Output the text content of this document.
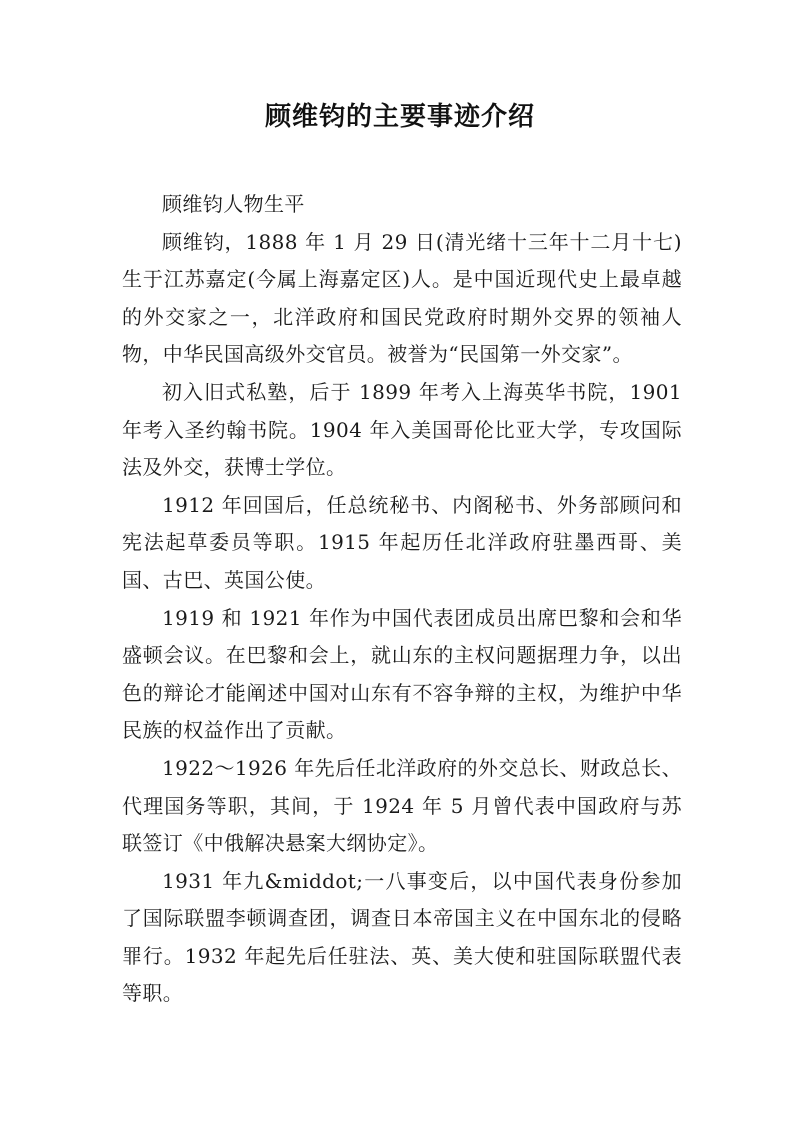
顾维钧的主要事迹介绍

顾维钧人物生平

顾维钧，1888 年 1 月 29 日(清光绪十三年十二月十七)生于江苏嘉定(今属上海嘉定区)人。是中国近现代史上最卓越的外交家之一，北洋政府和国民党政府时期外交界的领袖人物，中华民国高级外交官员。被誉为“民国第一外交家”。

初入旧式私塾，后于 1899 年考入上海英华书院，1901 年考入圣约翰书院。1904 年入美国哥伦比亚大学，专攻国际法及外交，获博士学位。

1912 年回国后，任总统秘书、内阁秘书、外务部顾问和宪法起草委员等职。1915 年起历任北洋政府驻墨西哥、美国、古巴、英国公使。

1919 和 1921 年作为中国代表团成员出席巴黎和会和华盛顿会议。在巴黎和会上，就山东的主权问题据理力争，以出色的辩论才能阐述中国对山东有不容争辩的主权，为维护中华民族的权益作出了贡献。

1922～1926 年先后任北洋政府的外交总长、财政总长、代理国务等职，其间，于 1924 年 5 月曾代表中国政府与苏联签订《中俄解决悬案大纲协定》。

1931 年九&middot;一八事变后，以中国代表身份参加了国际联盟李顿调查团，调查日本帝国主义在中国东北的侵略罪行。1932 年起先后任驻法、英、美大使和驻国际联盟代表等职。
